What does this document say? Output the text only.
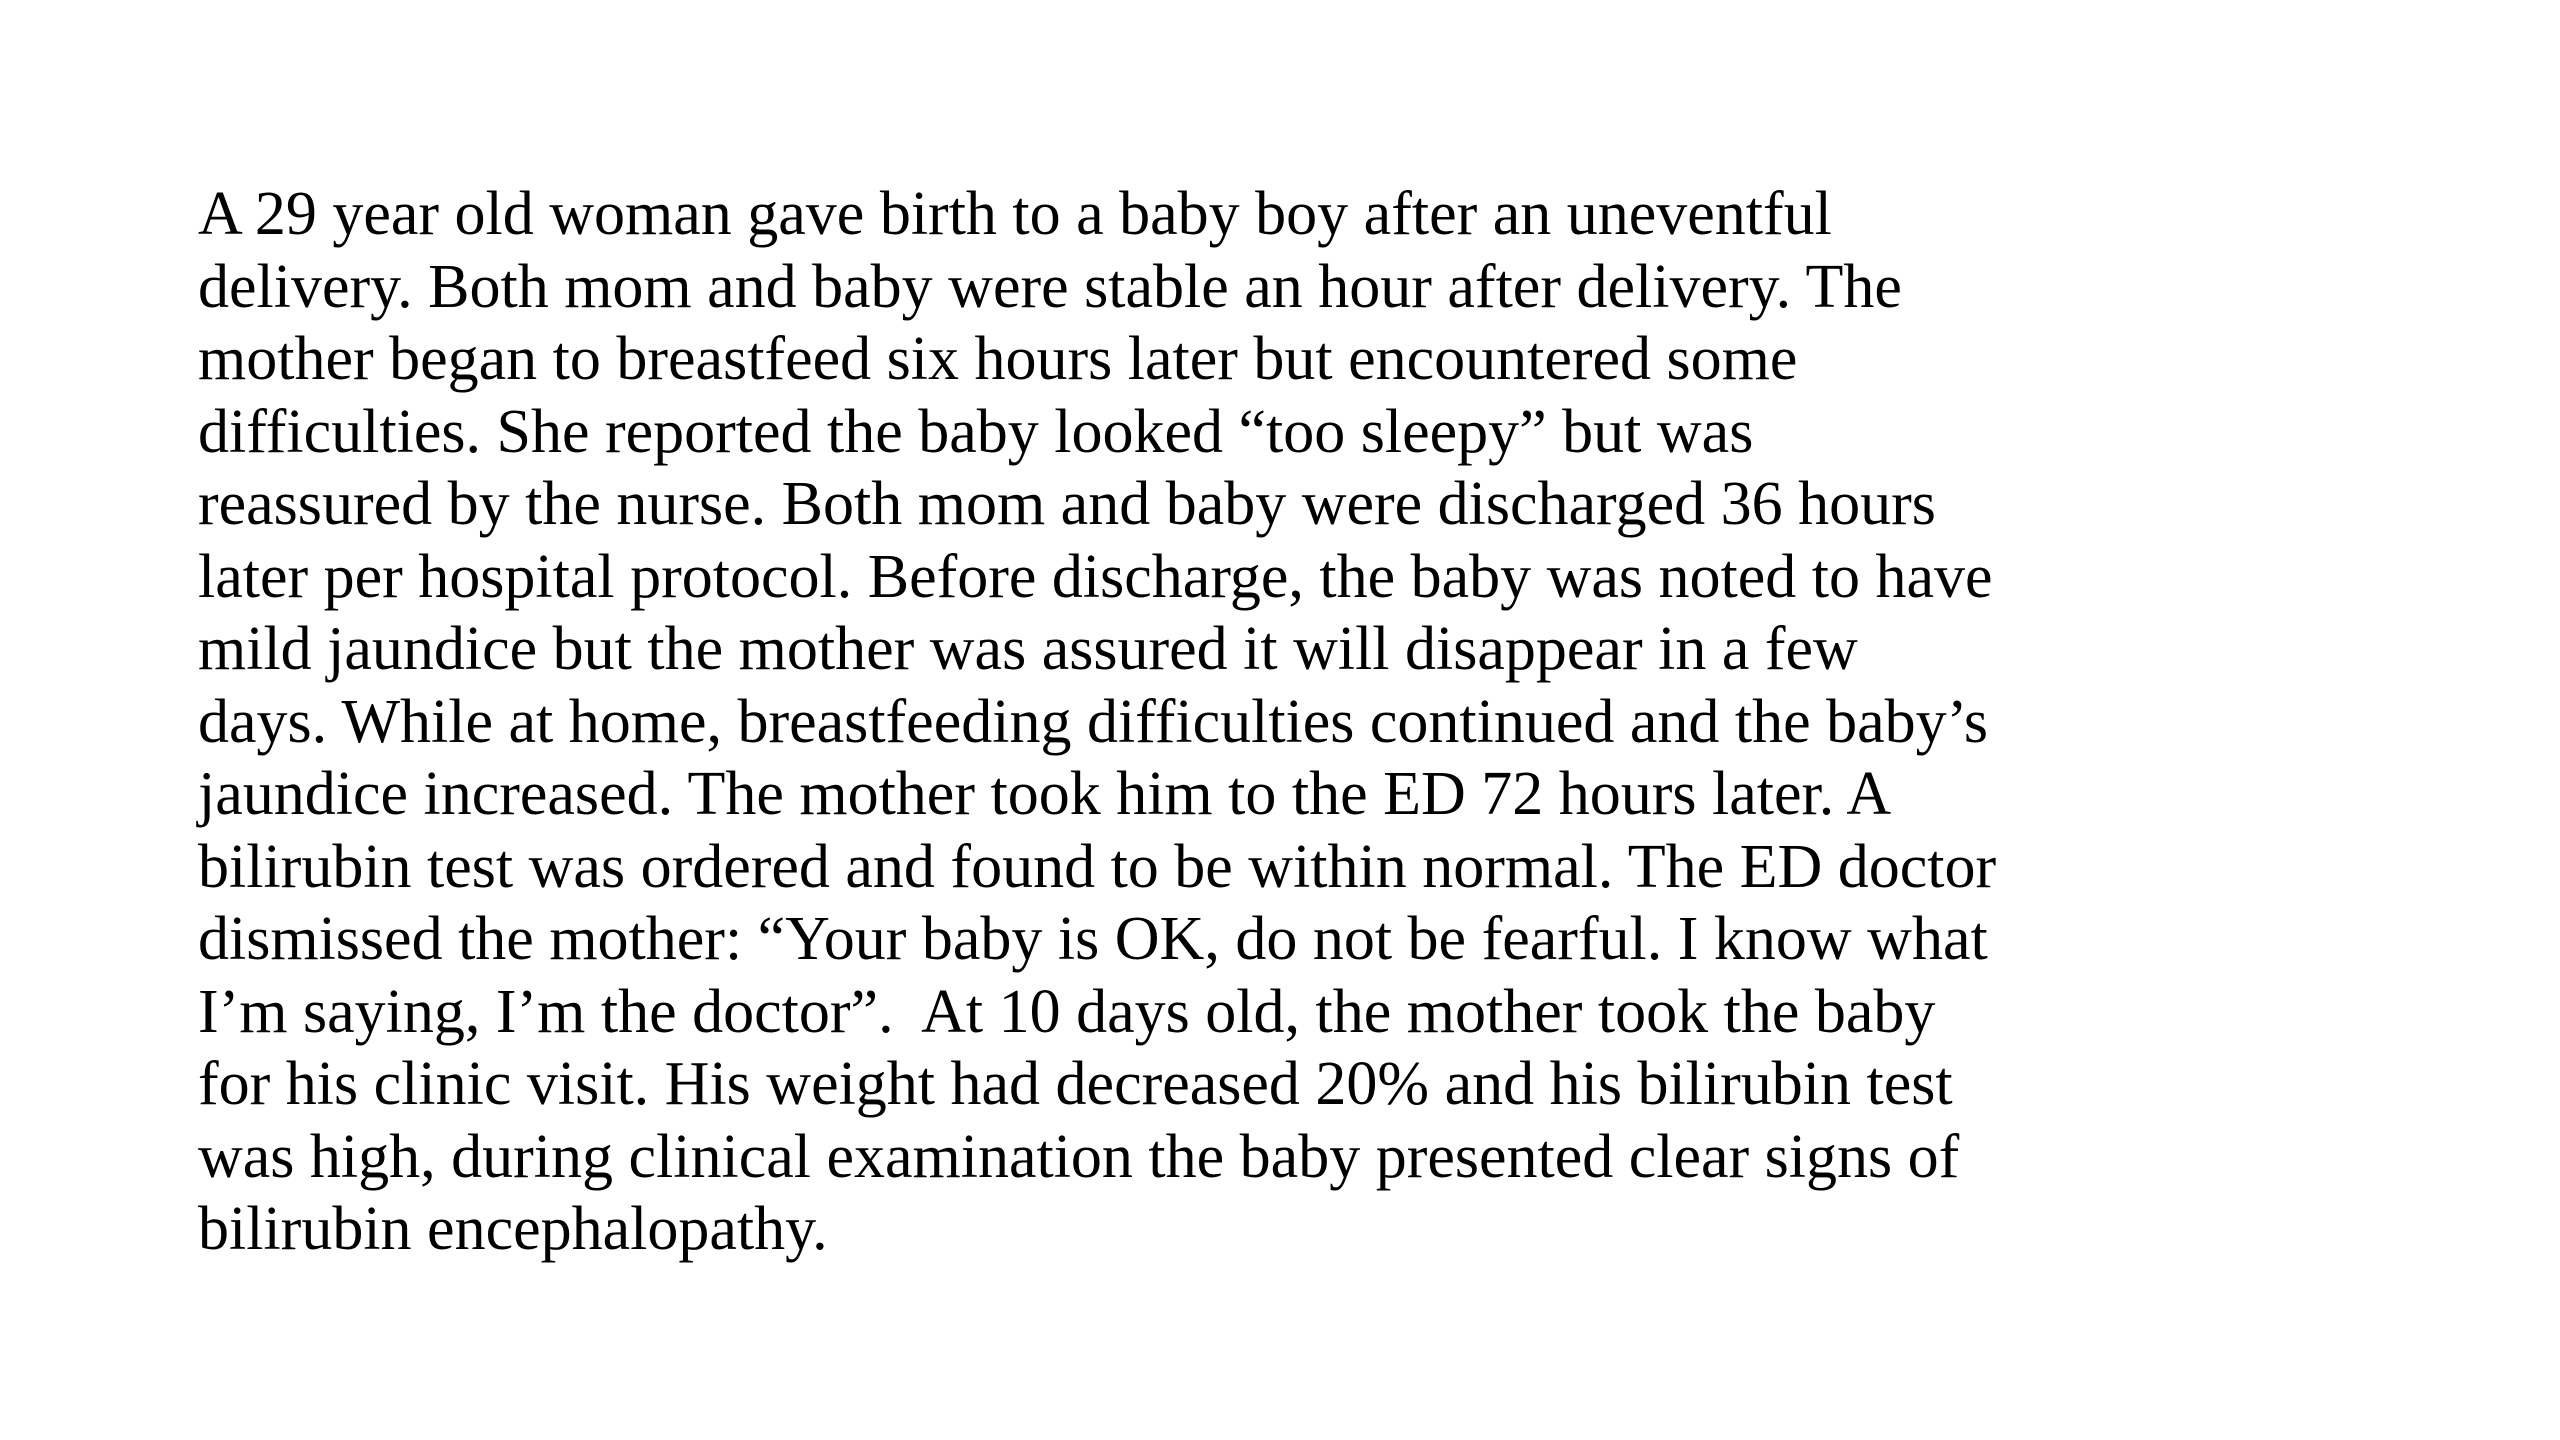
A 29 year old woman gave birth to a baby boy after an uneventful
delivery. Both mom and baby were stable an hour after delivery. The
mother began to breastfeed six hours later but encountered some
difficulties. She reported the baby looked “too sleepy” but was
reassured by the nurse. Both mom and baby were discharged 36 hours
later per hospital protocol. Before discharge, the baby was noted to have
mild jaundice but the mother was assured it will disappear in a few
days. While at home, breastfeeding difficulties continued and the baby’s
jaundice increased. The mother took him to the ED 72 hours later. A
bilirubin test was ordered and found to be within normal. The ED doctor
dismissed the mother: “Your baby is OK, do not be fearful. I know what
I’m saying, I’m the doctor”.  At 10 days old, the mother took the baby
for his clinic visit. His weight had decreased 20% and his bilirubin test
was high, during clinical examination the baby presented clear signs of
bilirubin encephalopathy.
